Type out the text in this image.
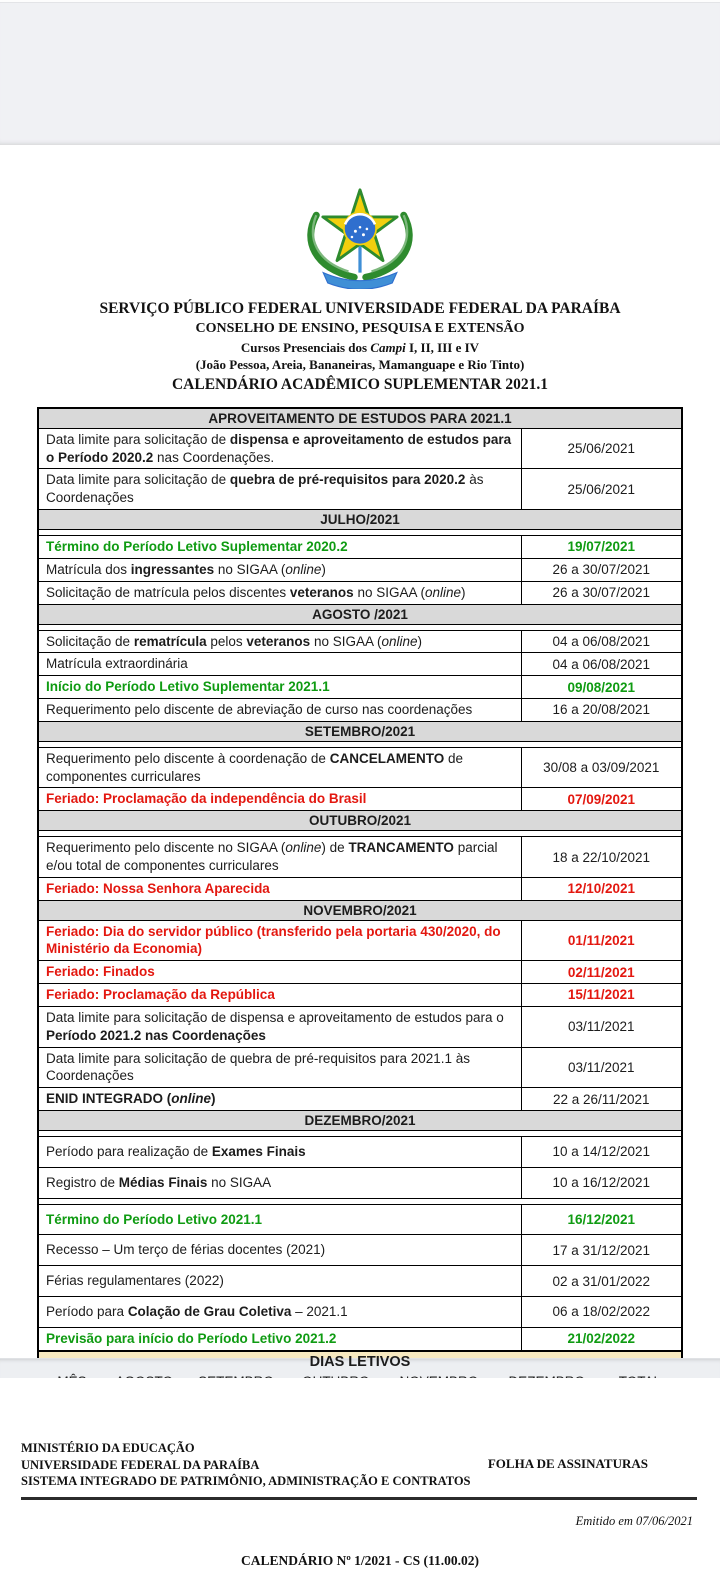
SERVIÇO PÚBLICO FEDERAL UNIVERSIDADE FEDERAL DA PARAÍBA
CONSELHO DE ENSINO, PESQUISA E EXTENSÃO
Cursos Presenciais dos Campi I, II, III e IV
(João Pessoa, Areia, Bananeiras, Mamanguape e Rio Tinto)
CALENDÁRIO ACADÊMICO SUPLEMENTAR 2021.1
APROVEITAMENTO DE ESTUDOS PARA 2021.1	
Data limite para solicitação de dispensa e aproveitamento de estudos para o Período 2020.2 nas Coordenações.	25/06/2021
Data limite para solicitação de quebra de pré-requisitos para 2020.2 às Coordenações	25/06/2021
JULHO/2021	

Término do Período Letivo Suplementar 2020.2	19/07/2021
Matrícula dos ingressantes no SIGAA (online)	26 a 30/07/2021
Solicitação de matrícula pelos discentes veteranos no SIGAA (online)	26 a 30/07/2021
AGOSTO /2021	

Solicitação de rematrícula pelos veteranos no SIGAA (online)	04 a 06/08/2021
Matrícula extraordinária	04 a 06/08/2021
Início do Período Letivo Suplementar 2021.1	09/08/2021
Requerimento pelo discente de abreviação de curso nas coordenações	16 a 20/08/2021
SETEMBRO/2021	

Requerimento pelo discente à coordenação de CANCELAMENTO de componentes curriculares	30/08 a 03/09/2021
Feriado: Proclamação da independência do Brasil	07/09/2021
OUTUBRO/2021	

Requerimento pelo discente no SIGAA (online) de TRANCAMENTO parcial e/ou total de componentes curriculares	18 a 22/10/2021
Feriado: Nossa Senhora Aparecida	12/10/2021
NOVEMBRO/2021	
Feriado: Dia do servidor público (transferido pela portaria 430/2020, do Ministério da Economia)	01/11/2021
Feriado: Finados	02/11/2021
Feriado: Proclamação da República	15/11/2021
Data limite para solicitação de dispensa e aproveitamento de estudos para o Período 2021.2 nas Coordenações	03/11/2021
Data limite para solicitação de quebra de pré-requisitos para 2021.1 às Coordenações	03/11/2021
ENID INTEGRADO (online)	22 a 26/11/2021
DEZEMBRO/2021	

Período para realização de Exames Finais	10 a 14/12/2021
Registro de Médias Finais no SIGAA	10 a 16/12/2021

Término do Período Letivo 2021.1	16/12/2021
Recesso – Um terço de férias docentes (2021)	17 a 31/12/2021
Férias regulamentares (2022)	02 a 31/01/2022
Período para Colação de Grau Coletiva – 2021.1	06 a 18/02/2022
Previsão para início do Período Letivo 2021.2	21/02/2022
DIAS LETIVOS						

MINISTÉRIO DA EDUCAÇÃO
UNIVERSIDADE FEDERAL DA PARAÍBA
SISTEMA INTEGRADO DE PATRIMÔNIO, ADMINISTRAÇÃO E CONTRATOS
FOLHA DE ASSINATURAS
Emitido em 07/06/2021
CALENDÁRIO Nº 1/2021 - CS (11.00.02)
